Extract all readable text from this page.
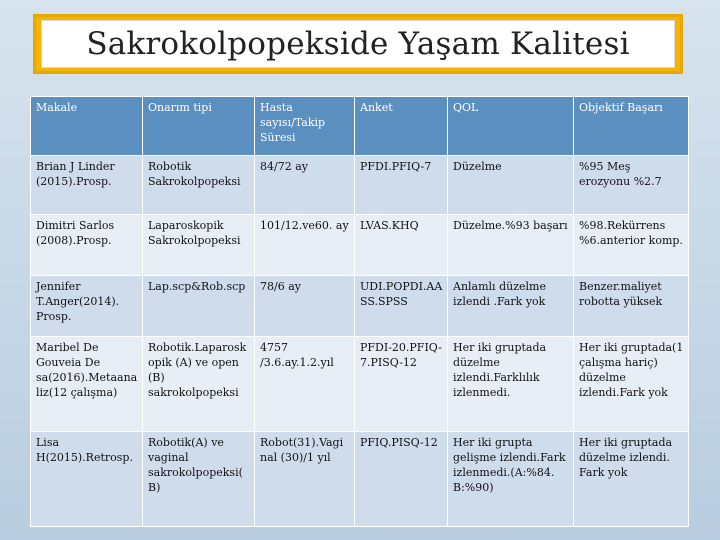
Sakrokolpopekside Yaşam Kalitesi
Makale	Onarım tipi	Hasta sayısı/Takip Süresi	Anket	QOL	Objektif Başarı
Brian J Linder (2015).Prosp.	Robotik Sakrokolpopeksi	84/72 ay	PFDI.PFIQ-7	Düzelme	%95 Meş erozyonu %2.7
Dimitri Sarlos (2008).Prosp.	Laparoskopik Sakrokolpopeksi	101/12.ve60. ay	LVAS.KHQ	Düzelme.%93 başarı	%98.Rekürrens %6.anterior komp.
Jennifer T.Anger(2014). Prosp.	Lap.scp&Rob.scp	78/6 ay	UDI.POPDI.AASS.SPSS	Anlamlı düzelme izlendi .Fark yok	Benzer.maliyet robotta yüksek
Maribel De Gouveia De sa(2016).Metaanaliz(12 çalışma)	Robotik.Laparoskopik (A) ve open (B) sakrokolpopeksi	4757 /3.6.ay.1.2.yıl	PFDI-20.PFIQ-7.PISQ-12	Her iki gruptada düzelme izlendi.Farklılık izlenmedi.	Her iki gruptada(1 çalışma hariç) düzelme izlendi.Fark yok
Lisa H(2015).Retrosp.	Robotik(A) ve vaginal sakrokolpopeksi(B)	Robot(31).Vaginal (30)/1 yıl	PFIQ.PISQ-12	Her iki grupta gelişme izlendi.Fark izlenmedi.(A:%84. B:%90)	Her iki gruptada düzelme izlendi. Fark yok
